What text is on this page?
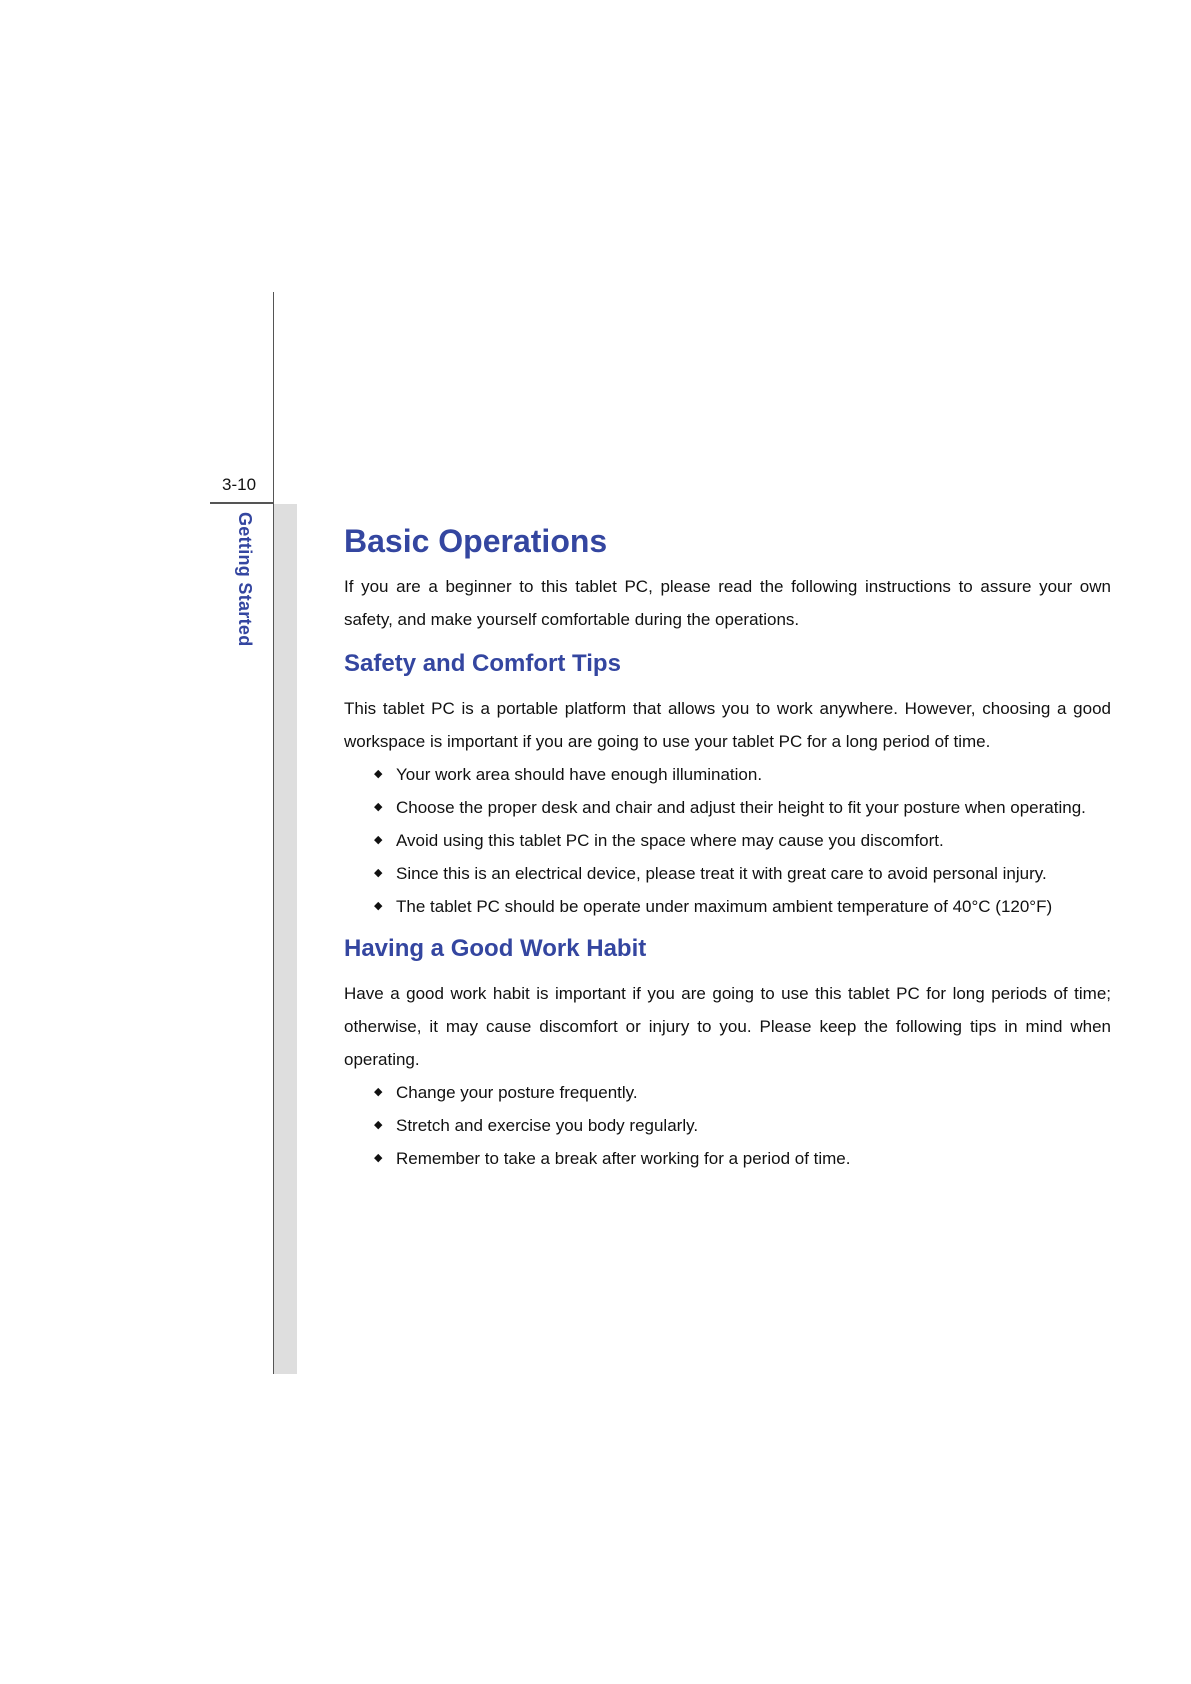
3-10
Getting Started	Basic Operations

If you are a beginner to this tablet PC, please read the following instructions to assure your own safety, and make yourself comfortable during the operations.

Safety and Comfort Tips

This tablet PC is a portable platform that allows you to work anywhere. However, choosing a good workspace is important if you are going to use your tablet PC for a long period of time.

◆ Your work area should have enough illumination.
◆ Choose the proper desk and chair and adjust their height to fit your posture when operating.
◆ Avoid using this tablet PC in the space where may cause you discomfort.
◆ Since this is an electrical device, please treat it with great care to avoid personal injury.
◆ The tablet PC should be operate under maximum ambient temperature of 40°C (120°F)
Having a Good Work Habit

Have a good work habit is important if you are going to use this tablet PC for long periods of time; otherwise, it may cause discomfort or injury to you. Please keep the following tips in mind when operating.

◆ Change your posture frequently.
◆ Stretch and exercise you body regularly.
◆ Remember to take a break after working for a period of time.
